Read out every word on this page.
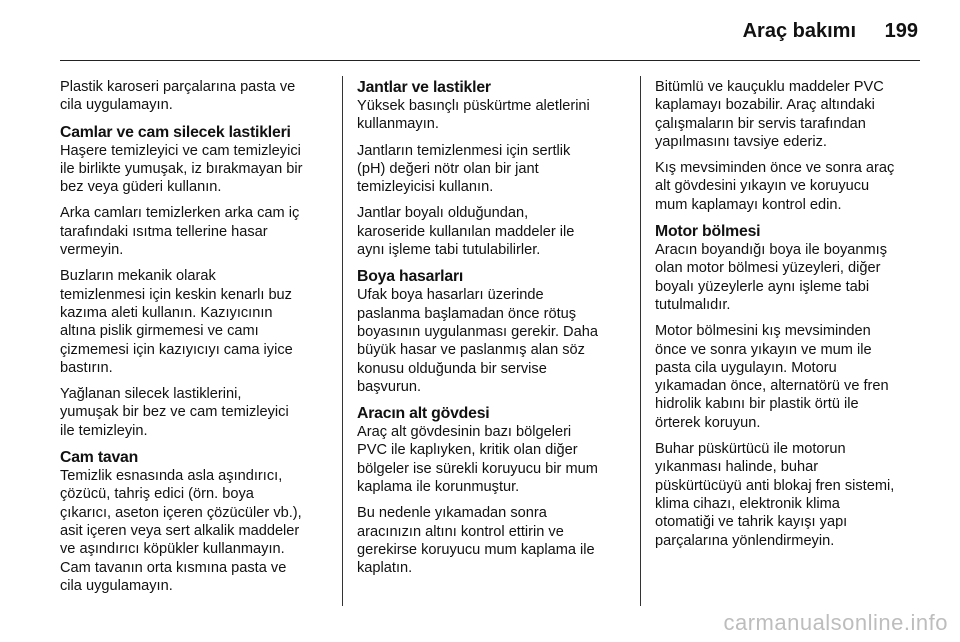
Araç bakımı 199

Plastik karoseri parçalarına pasta ve
cila uygulamayın.

Camlar ve cam silecek lastikleri

Haşere temizleyici ve cam temizleyici
ile birlikte yumuşak, iz bırakmayan bir
bez veya güderi kullanın.

Arka camları temizlerken arka cam iç
tarafındaki ısıtma tellerine hasar
vermeyin.

Buzların mekanik olarak
temizlenmesi için keskin kenarlı buz
kazıma aleti kullanın. Kazıyıcının
altına pislik girmemesi ve camı
çizmemesi için kazıyıcıyı cama iyice
bastırın.

Yağlanan silecek lastiklerini,
yumuşak bir bez ve cam temizleyici
ile temizleyin.

Cam tavan

Temizlik esnasında asla aşındırıcı,
çözücü, tahriş edici (örn. boya
çıkarıcı, aseton içeren çözücüler vb.),
asit içeren veya sert alkalik maddeler
ve aşındırıcı köpükler kullanmayın.
Cam tavanın orta kısmına pasta ve
cila uygulamayın.

Jantlar ve lastikler

Yüksek basınçlı püskürtme aletlerini
kullanmayın.

Jantların temizlenmesi için sertlik
(pH) değeri nötr olan bir jant
temizleyicisi kullanın.

Jantlar boyalı olduğundan,
karoseride kullanılan maddeler ile
aynı işleme tabi tutulabilirler.

Boya hasarları

Ufak boya hasarları üzerinde
paslanma başlamadan önce rötuş
boyasının uygulanması gerekir. Daha
büyük hasar ve paslanmış alan söz
konusu olduğunda bir servise
başvurun.

Aracın alt gövdesi

Araç alt gövdesinin bazı bölgeleri
PVC ile kaplıyken, kritik olan diğer
bölgeler ise sürekli koruyucu bir mum
kaplama ile korunmuştur.

Bu nedenle yıkamadan sonra
aracınızın altını kontrol ettirin ve
gerekirse koruyucu mum kaplama ile
kaplatın.

Bitümlü ve kauçuklu maddeler PVC
kaplamayı bozabilir. Araç altındaki
çalışmaların bir servis tarafından
yapılmasını tavsiye ederiz.

Kış mevsiminden önce ve sonra araç
alt gövdesini yıkayın ve koruyucu
mum kaplamayı kontrol edin.

Motor bölmesi

Aracın boyandığı boya ile boyanmış
olan motor bölmesi yüzeyleri, diğer
boyalı yüzeylerle aynı işleme tabi
tutulmalıdır.

Motor bölmesini kış mevsiminden
önce ve sonra yıkayın ve mum ile
pasta cila uygulayın. Motoru
yıkamadan önce, alternatörü ve fren
hidrolik kabını bir plastik örtü ile
örterek koruyun.

Buhar püskürtücü ile motorun
yıkanması halinde, buhar
püskürtücüyü anti blokaj fren sistemi,
klima cihazı, elektronik klima
otomatiği ve tahrik kayışı yapı
parçalarına yönlendirmeyin.

carmanualsonline.info
